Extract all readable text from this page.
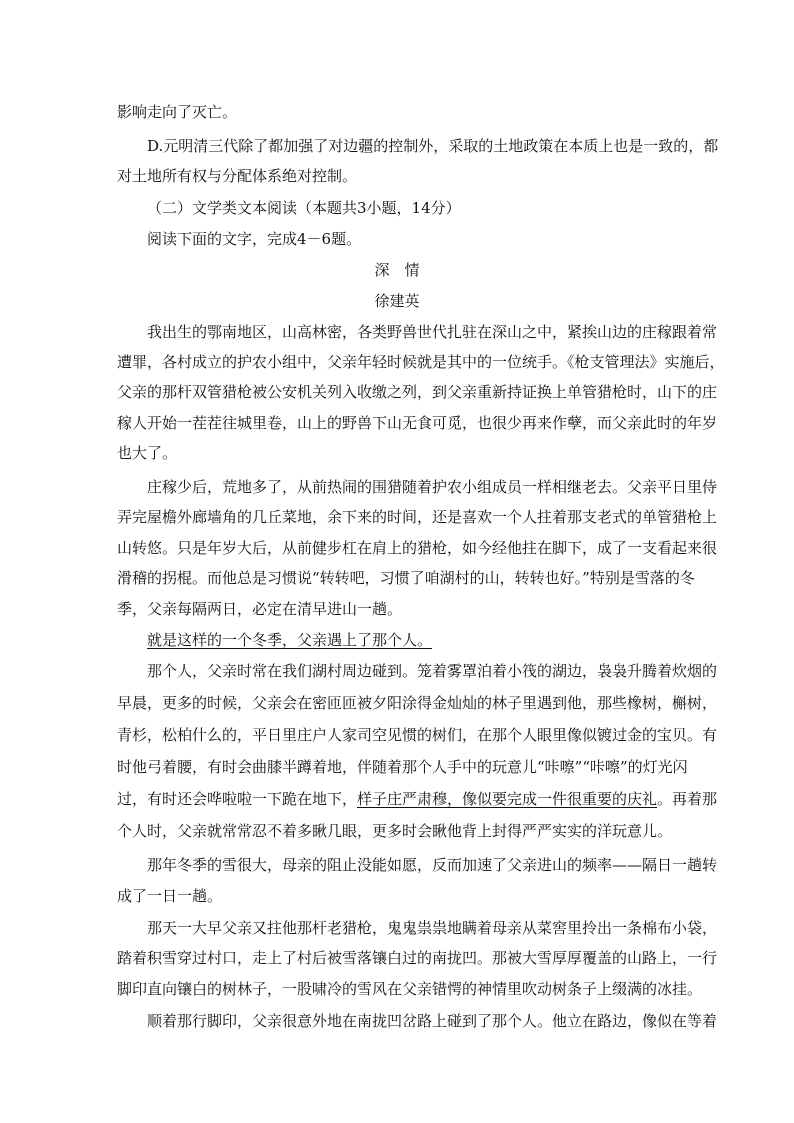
影响走向了灭亡。
D.元明清三代除了都加强了对边疆的控制外，采取的土地政策在本质上也是一致的，都
对土地所有权与分配体系绝对控制。
（二）文学类文本阅读（本题共3小题，14分）
阅读下面的文字，完成4－6题。
深　情
徐建英
我出生的鄂南地区，山高林密，各类野兽世代扎驻在深山之中，紧挨山边的庄稼跟着常
遭罪，各村成立的护农小组中，父亲年轻时候就是其中的一位统手。《枪支管理法》实施后，
父亲的那杆双管猎枪被公安机关列入收缴之列，到父亲重新持证换上单管猎枪时，山下的庄
稼人开始一茬茬往城里卷，山上的野兽下山无食可觅，也很少再来作孽，而父亲此时的年岁
也大了。
庄稼少后，荒地多了，从前热闹的围猎随着护农小组成员一样相继老去。父亲平日里侍
弄完屋檐外廊墙角的几丘菜地，余下来的时间，还是喜欢一个人拄着那支老式的单管猎枪上
山转悠。只是年岁大后，从前健步杠在肩上的猎枪，如今经他拄在脚下，成了一支看起来很
滑稽的拐棍。而他总是习惯说“转转吧，习惯了咱湖村的山，转转也好。”特别是雪落的冬
季，父亲每隔两日，必定在清早进山一趟。
就是这样的一个冬季，父亲遇上了那个人。
那个人，父亲时常在我们湖村周边碰到。笼着雾罩泊着小筏的湖边，袅袅升腾着炊烟的
早晨，更多的时候，父亲会在密匝匝被夕阳涂得金灿灿的林子里遇到他，那些橡树，槲树，
青杉，松柏什么的，平日里庄户人家司空见惯的树们，在那个人眼里像似镀过金的宝贝。有
时他弓着腰，有时会曲膝半蹲着地，伴随着那个人手中的玩意儿“咔嚓”“咔嚓”的灯光闪
过，有时还会哗啦啦一下跪在地下，样子庄严肃穆，像似要完成一件很重要的庆礼。再着那
个人时，父亲就常常忍不着多瞅几眼，更多时会瞅他背上封得严严实实的洋玩意儿。
那年冬季的雪很大，母亲的阻止没能如愿，反而加速了父亲进山的频率——隔日一趟转
成了一日一趟。
那天一大早父亲又拄他那杆老猎枪，鬼鬼祟祟地瞒着母亲从菜窖里拎出一条棉布小袋，
踏着积雪穿过村口，走上了村后被雪落镶白过的南拢凹。那被大雪厚厚覆盖的山路上，一行
脚印直向镶白的树林子，一股啸冷的雪风在父亲错愕的神情里吹动树条子上缀满的冰挂。
顺着那行脚印，父亲很意外地在南拢凹岔路上碰到了那个人。他立在路边，像似在等着
